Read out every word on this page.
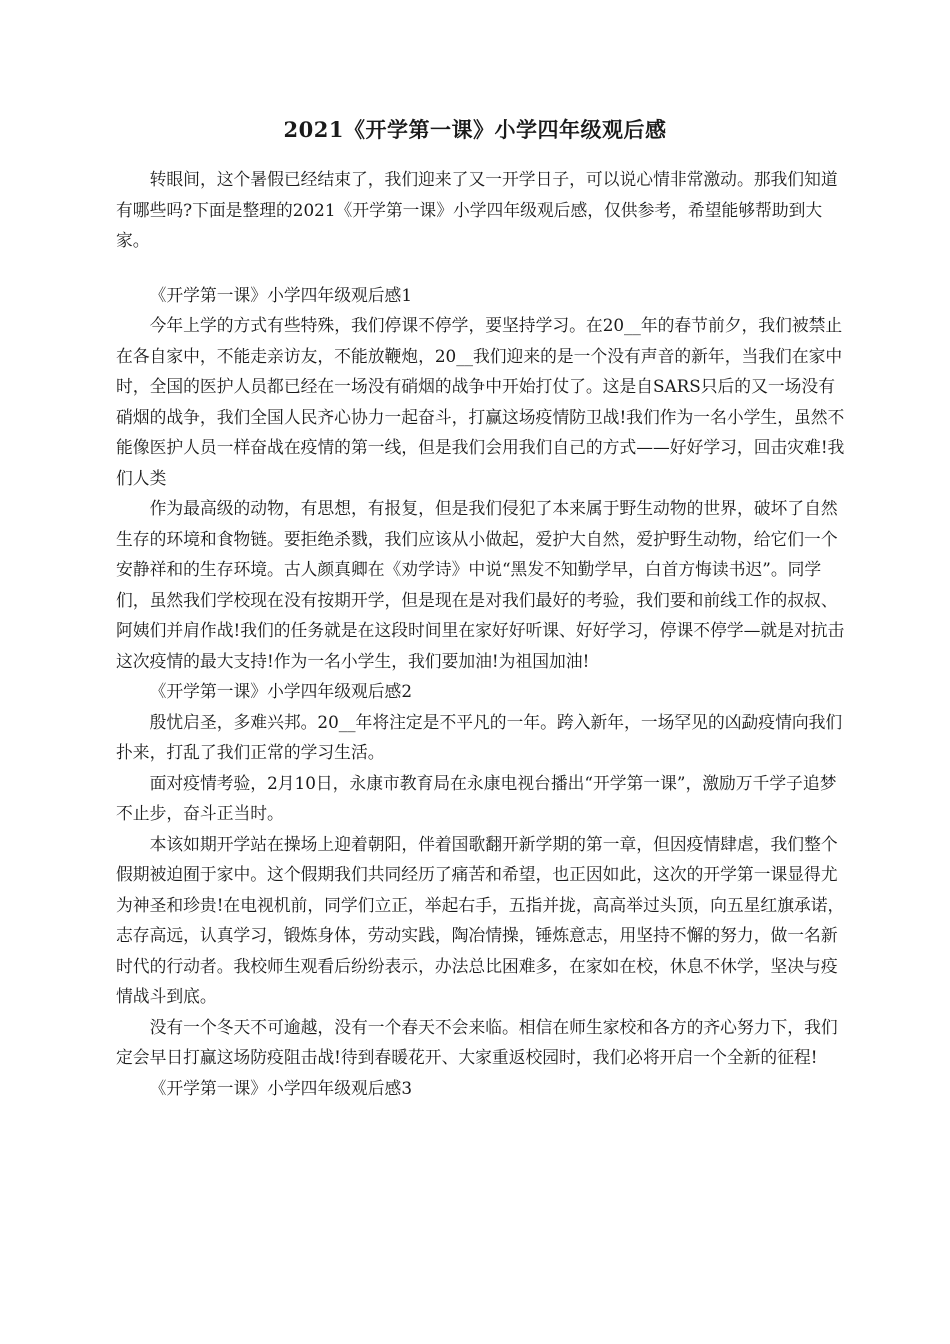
2021《开学第一课》小学四年级观后感

转眼间，这个暑假已经结束了，我们迎来了又一开学日子，可以说心情非常激动。那我们知道有哪些吗?下面是整理的2021《开学第一课》小学四年级观后感，仅供参考，希望能够帮助到大家。

《开学第一课》小学四年级观后感1

今年上学的方式有些特殊，我们停课不停学，要坚持学习。在20__年的春节前夕，我们被禁止在各自家中，不能走亲访友，不能放鞭炮，20__我们迎来的是一个没有声音的新年，当我们在家中时，全国的医护人员都已经在一场没有硝烟的战争中开始打仗了。这是自SARS只后的又一场没有硝烟的战争，我们全国人民齐心协力一起奋斗，打赢这场疫情防卫战!我们作为一名小学生，虽然不能像医护人员一样奋战在疫情的第一线，但是我们会用我们自己的方式——好好学习，回击灾难!我们人类

作为最高级的动物，有思想，有报复，但是我们侵犯了本来属于野生动物的世界，破坏了自然生存的环境和食物链。要拒绝杀戮，我们应该从小做起，爱护大自然，爱护野生动物，给它们一个安静祥和的生存环境。古人颜真卿在《劝学诗》中说“黑发不知勤学早，白首方悔读书迟”。同学们，虽然我们学校现在没有按期开学，但是现在是对我们最好的考验，我们要和前线工作的叔叔、阿姨们并肩作战!我们的任务就是在这段时间里在家好好听课、好好学习，停课不停学—就是对抗击这次疫情的最大支持!作为一名小学生，我们要加油!为祖国加油!

《开学第一课》小学四年级观后感2

殷忧启圣，多难兴邦。20__年将注定是不平凡的一年。跨入新年，一场罕见的凶勐疫情向我们扑来，打乱了我们正常的学习生活。

面对疫情考验，2月10日，永康市教育局在永康电视台播出“开学第一课”，激励万千学子追梦不止步，奋斗正当时。

本该如期开学站在操场上迎着朝阳，伴着国歌翻开新学期的第一章，但因疫情肆虐，我们整个假期被迫囿于家中。这个假期我们共同经历了痛苦和希望，也正因如此，这次的开学第一课显得尤为神圣和珍贵!在电视机前，同学们立正，举起右手，五指并拢，高高举过头顶，向五星红旗承诺，志存高远，认真学习，锻炼身体，劳动实践，陶冶情操，锤炼意志，用坚持不懈的努力，做一名新时代的行动者。我校师生观看后纷纷表示，办法总比困难多，在家如在校，休息不休学，坚决与疫情战斗到底。

没有一个冬天不可逾越，没有一个春天不会来临。相信在师生家校和各方的齐心努力下，我们定会早日打赢这场防疫阻击战!待到春暖花开、大家重返校园时，我们必将开启一个全新的征程!

《开学第一课》小学四年级观后感3
